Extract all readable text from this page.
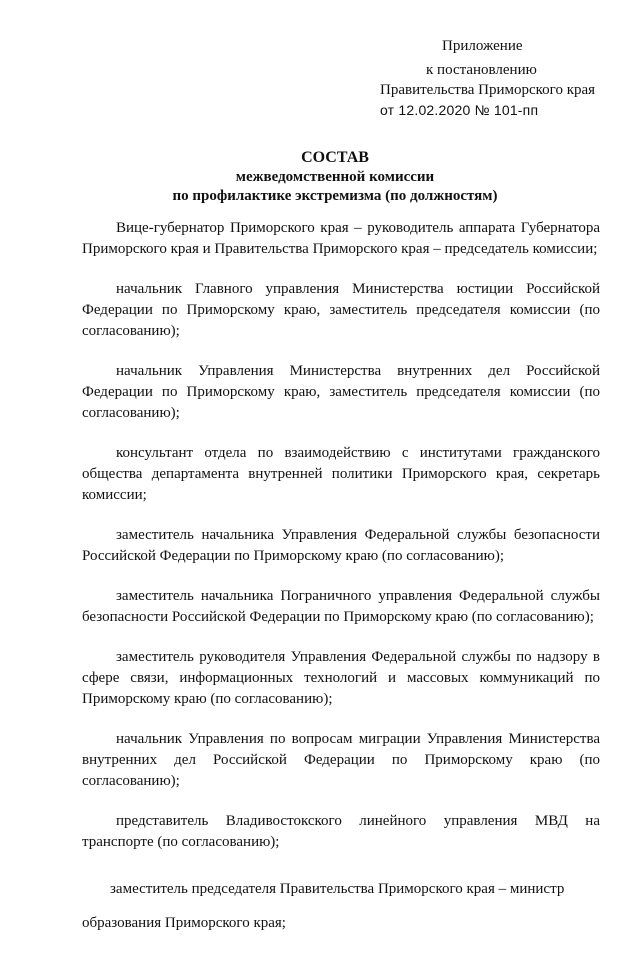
Приложение
к постановлению
Правительства Приморского края
от 12.02.2020 № 101-пп
СОСТАВ
межведомственной комиссии
по профилактике экстремизма (по должностям)

Вице-губернатор Приморского края – руководитель аппарата Губернатора Приморского края и Правительства Приморского края – председатель комиссии;

начальник Главного управления Министерства юстиции Российской Федерации по Приморскому краю, заместитель председателя комиссии (по согласованию);

начальник Управления Министерства внутренних дел Российской Федерации по Приморскому краю, заместитель председателя комиссии (по согласованию);

консультант отдела по взаимодействию с институтами гражданского общества департамента внутренней политики Приморского края, секретарь комиссии;

заместитель начальника Управления Федеральной службы безопасности Российской Федерации по Приморскому краю (по согласованию);

заместитель начальника Пограничного управления Федеральной службы безопасности Российской Федерации по Приморскому краю (по согласованию);

заместитель руководителя Управления Федеральной службы по надзору в сфере связи, информационных технологий и массовых коммуникаций по Приморскому краю (по согласованию);

начальник Управления по вопросам миграции Управления Министерства внутренних дел Российской Федерации по Приморскому краю (по согласованию);

представитель Владивостокского линейного управления МВД на транспорте (по согласованию);

заместитель председателя Правительства Приморского края – министр образования Приморского края;
